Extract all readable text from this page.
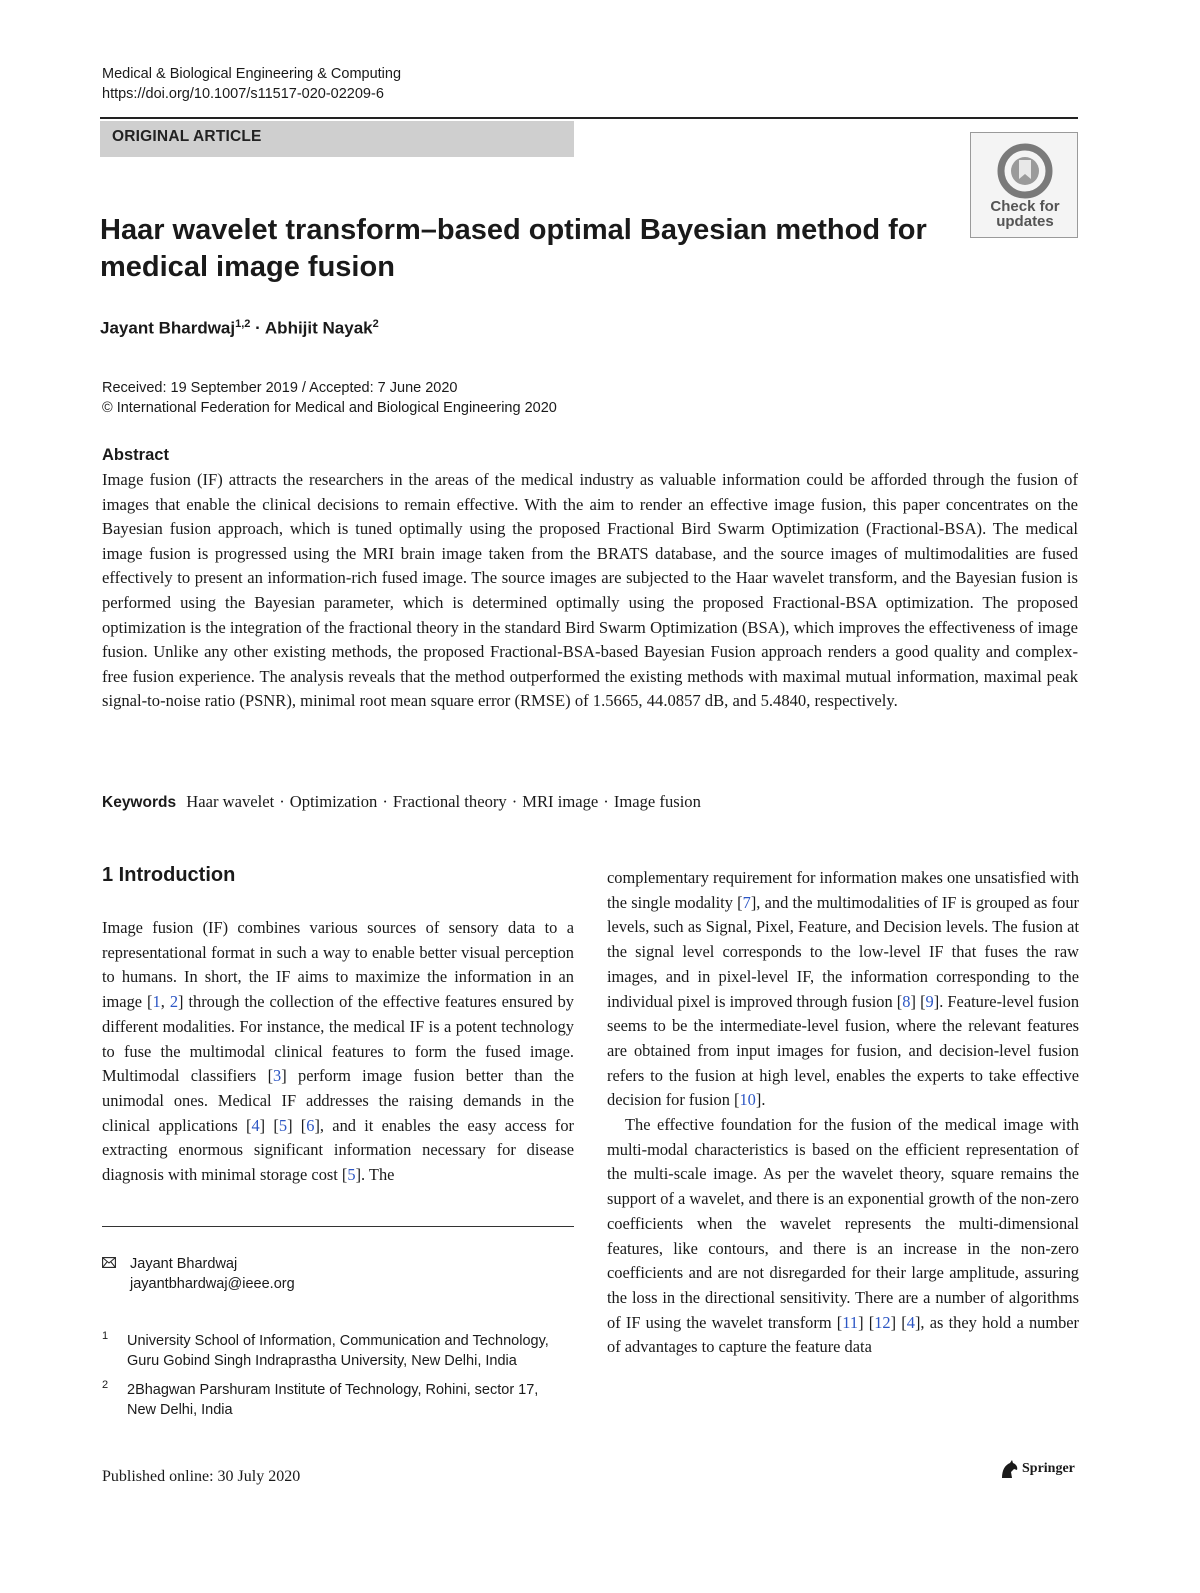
Medical & Biological Engineering & Computing
https://doi.org/10.1007/s11517-020-02209-6
ORIGINAL ARTICLE
Check for
updates
Haar wavelet transform–based optimal Bayesian method for medical image fusion
Jayant Bhardwaj$^{1,2}$ · Abhijit Nayak$^2$
Received: 19 September 2019 / Accepted: 7 June 2020
© International Federation for Medical and Biological Engineering 2020
Abstract
Image fusion (IF) attracts the researchers in the areas of the medical industry as valuable information could be afforded through the fusion of images that enable the clinical decisions to remain effective. With the aim to render an effective image fusion, this paper concentrates on the Bayesian fusion approach, which is tuned optimally using the proposed Fractional Bird Swarm Optimization (Fractional-BSA). The medical image fusion is progressed using the MRI brain image taken from the BRATS database, and the source images of multimodalities are fused effectively to present an information-rich fused image. The source images are subjected to the Haar wavelet transform, and the Bayesian fusion is performed using the Bayesian parameter, which is determined optimally using the proposed Fractional-BSA optimization. The proposed optimization is the integration of the fractional theory in the standard Bird Swarm Optimization (BSA), which improves the effectiveness of image fusion. Unlike any other existing methods, the proposed Fractional-BSA-based Bayesian Fusion approach renders a good quality and complex-free fusion experience. The analysis reveals that the method outperformed the existing methods with maximal mutual information, maximal peak signal-to-noise ratio (PSNR), minimal root mean square error (RMSE) of 1.5665, 44.0857 dB, and 5.4840, respectively.
Keywords Haar wavelet · Optimization · Fractional theory · MRI image · Image fusion
1 Introduction
Image fusion (IF) combines various sources of sensory data to a representational format in such a way to enable better visual perception to humans. In short, the IF aims to maximize the information in an image [1, 2] through the collection of the effective features ensured by different modalities. For instance, the medical IF is a potent technology to fuse the multimodal clinical features to form the fused image. Multimodal classifiers [3] perform image fusion better than the unimodal ones. Medical IF addresses the raising demands in the clinical applications [4] [5] [6], and it enables the easy access for extracting enormous significant information necessary for disease diagnosis with minimal storage cost [5]. The

complementary requirement for information makes one unsatisfied with the single modality [7], and the multimodalities of IF is grouped as four levels, such as Signal, Pixel, Feature, and Decision levels. The fusion at the signal level corresponds to the low-level IF that fuses the raw images, and in pixel-level IF, the information corresponding to the individual pixel is improved through fusion [8] [9]. Feature-level fusion seems to be the intermediate-level fusion, where the relevant features are obtained from input images for fusion, and decision-level fusion refers to the fusion at high level, enables the experts to take effective decision for fusion [10].

The effective foundation for the fusion of the medical image with multi-modal characteristics is based on the efficient representation of the multi-scale image. As per the wavelet theory, square remains the support of a wavelet, and there is an exponential growth of the non-zero coefficients when the wavelet represents the multi-dimensional features, like contours, and there is an increase in the non-zero coefficients and are not disregarded for their large amplitude, assuring the loss in the directional sensitivity. There are a number of algorithms of IF using the wavelet transform [11] [12] [4], as they hold a number of advantages to capture the feature data

Jayant Bhardwaj
jayantbhardwaj@ieee.org
1 University School of Information, Communication and Technology,
Guru Gobind Singh Indraprastha University, New Delhi, India
2 2Bhagwan Parshuram Institute of Technology, Rohini, sector 17,
New Delhi, India
Published online: 30 July 2020	Springer
